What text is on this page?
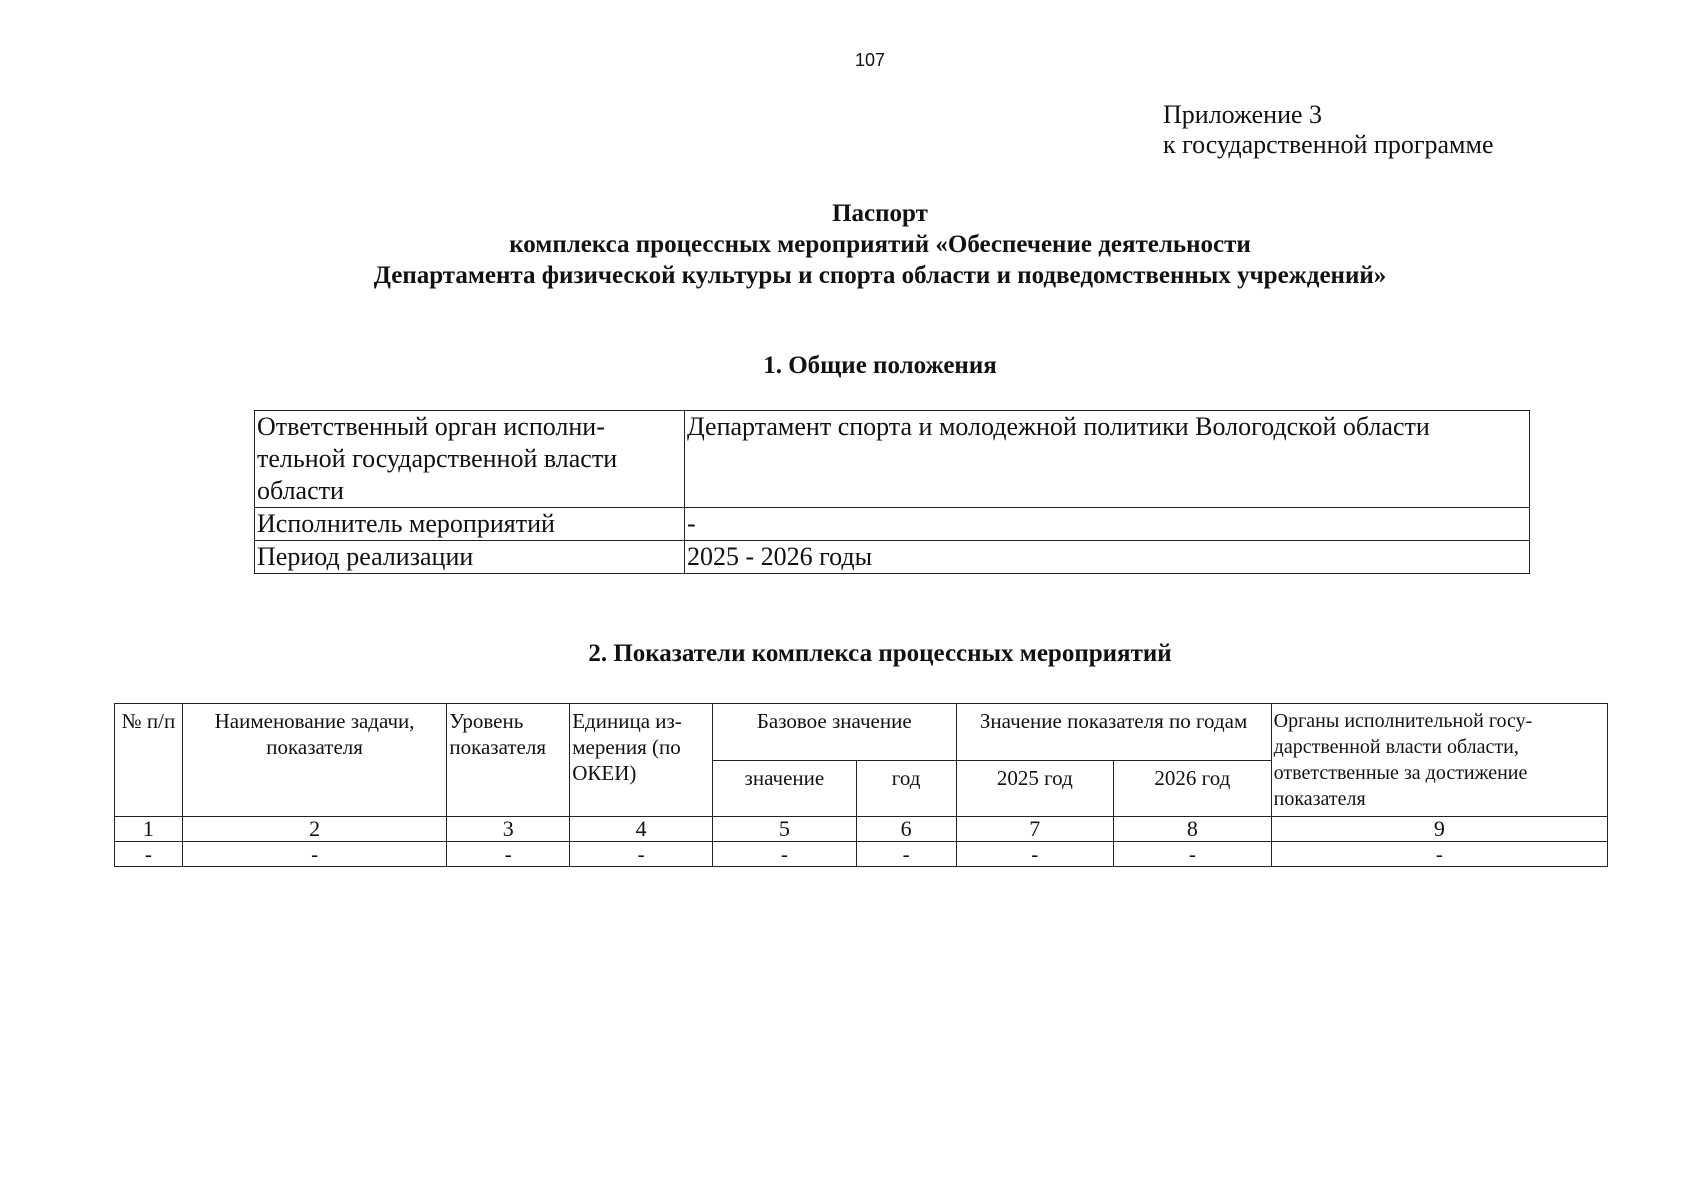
107
Приложение 3
к государственной программе
Паспорт
комплекса процессных мероприятий «Обеспечение деятельности
Департамента физической культуры и спорта области и подведомственных учреждений»
1. Общие положения
Ответственный орган исполни-тельной государственной власти области	Департамент спорта и молодежной политики Вологодской области
Исполнитель мероприятий	-
Период реализации	2025 - 2026 годы
2. Показатели комплекса процессных мероприятий
№ п/п	Наименование задачи, показателя	Уровень показателя	Единица из-мерения (по ОКЕИ)	Базовое значение		Значение показателя по годам		Органы исполнительной госу-дарственной власти области, ответственные за достижение показателя
				значение	год	2025 год	2026 год	
1	2	3	4	5	6	7	8	9
-	-	-	-	-	-	-	-	-
